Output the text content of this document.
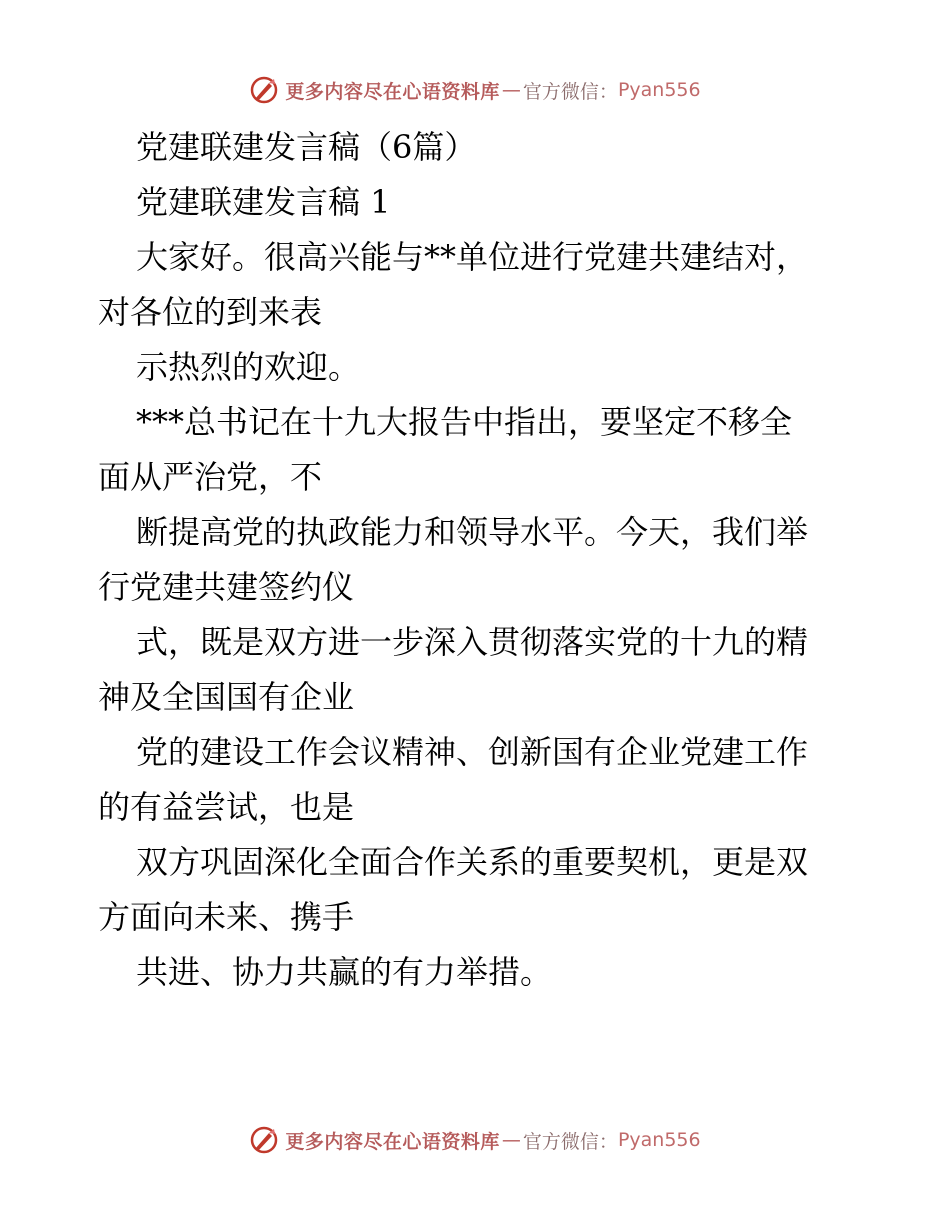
更多内容尽在心语资料库 — 官方微信： Pyan556
党建联建发言稿（6篇）
党建联建发言稿 1
大家好。很高兴能与**单位进行党建共建结对，
对各位的到来表
示热烈的欢迎。
***总书记在十九大报告中指出，要坚定不移全
面从严治党，不
断提高党的执政能力和领导水平。今天，我们举
行党建共建签约仪
式，既是双方进一步深入贯彻落实党的十九的精
神及全国国有企业
党的建设工作会议精神、创新国有企业党建工作
的有益尝试，也是
双方巩固深化全面合作关系的重要契机，更是双
方面向未来、携手
共进、协力共赢的有力举措。
更多内容尽在心语资料库 — 官方微信： Pyan556
